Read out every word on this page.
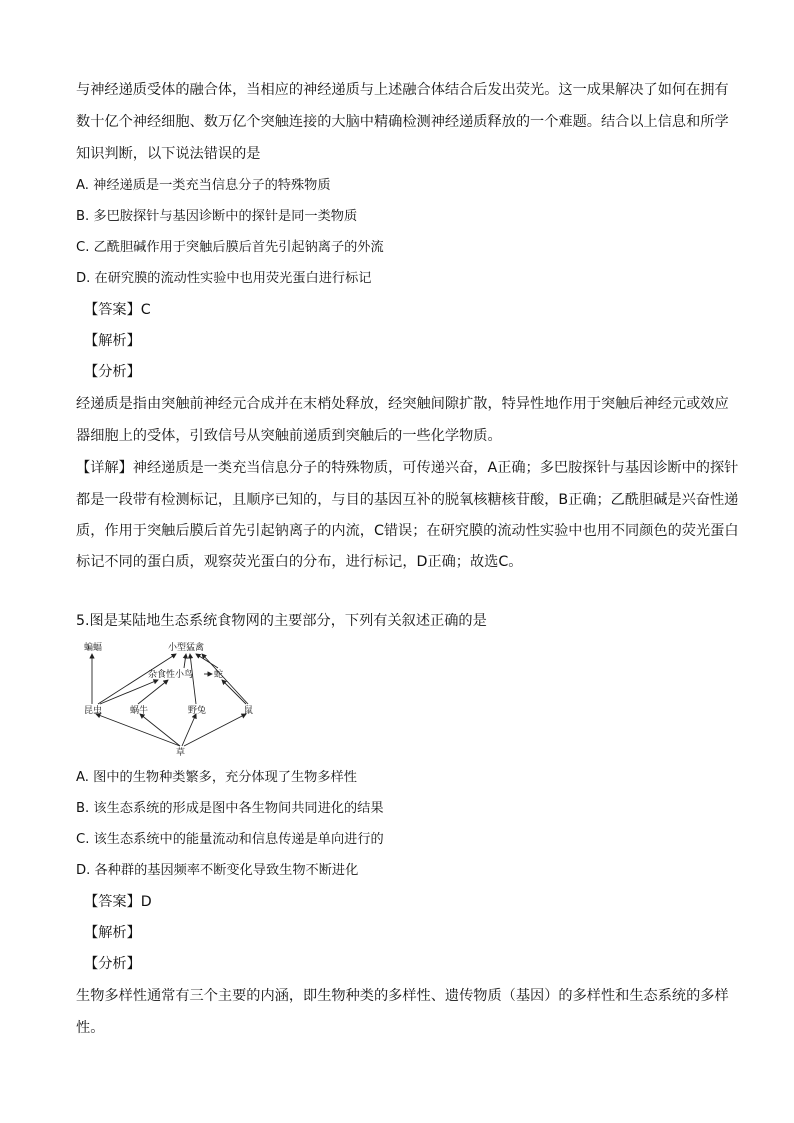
与神经递质受体的融合体，当相应的神经递质与上述融合体结合后发出荧光。这一成果解决了如何在拥有
数十亿个神经细胞、数万亿个突触连接的大脑中精确检测神经递质释放的一个难题。结合以上信息和所学
知识判断，以下说法错误的是
A. 神经递质是一类充当信息分子的特殊物质
B. 多巴胺探针与基因诊断中的探针是同一类物质
C. 乙酰胆碱作用于突触后膜后首先引起钠离子的外流
D. 在研究膜的流动性实验中也用荧光蛋白进行标记
【答案】C
【解析】
【分析】
经递质是指由突触前神经元合成并在末梢处释放，经突触间隙扩散，特异性地作用于突触后神经元或效应
器细胞上的受体，引致信号从突触前递质到突触后的一些化学物质。
【详解】神经递质是一类充当信息分子的特殊物质，可传递兴奋，A正确；多巴胺探针与基因诊断中的探针
都是一段带有检测标记，且顺序已知的，与目的基因互补的脱氧核糖核苷酸，B正确；乙酰胆碱是兴奋性递
质，作用于突触后膜后首先引起钠离子的内流，C错误；在研究膜的流动性实验中也用不同颜色的荧光蛋白
标记不同的蛋白质，观察荧光蛋白的分布，进行标记，D正确；故选C。
5.图是某陆地生态系统食物网的主要部分，下列有关叙述正确的是
蝙蝠	小型猛禽
杂食性小鸟 蛇
昆虫	蜗牛	野兔	鼠
草
A. 图中的生物种类繁多，充分体现了生物多样性
B. 该生态系统的形成是图中各生物间共同进化的结果
C. 该生态系统中的能量流动和信息传递是单向进行的
D. 各种群的基因频率不断变化导致生物不断进化
【答案】D
【解析】
【分析】
生物多样性通常有三个主要的内涵，即生物种类的多样性、遗传物质（基因）的多样性和生态系统的多样
性。
